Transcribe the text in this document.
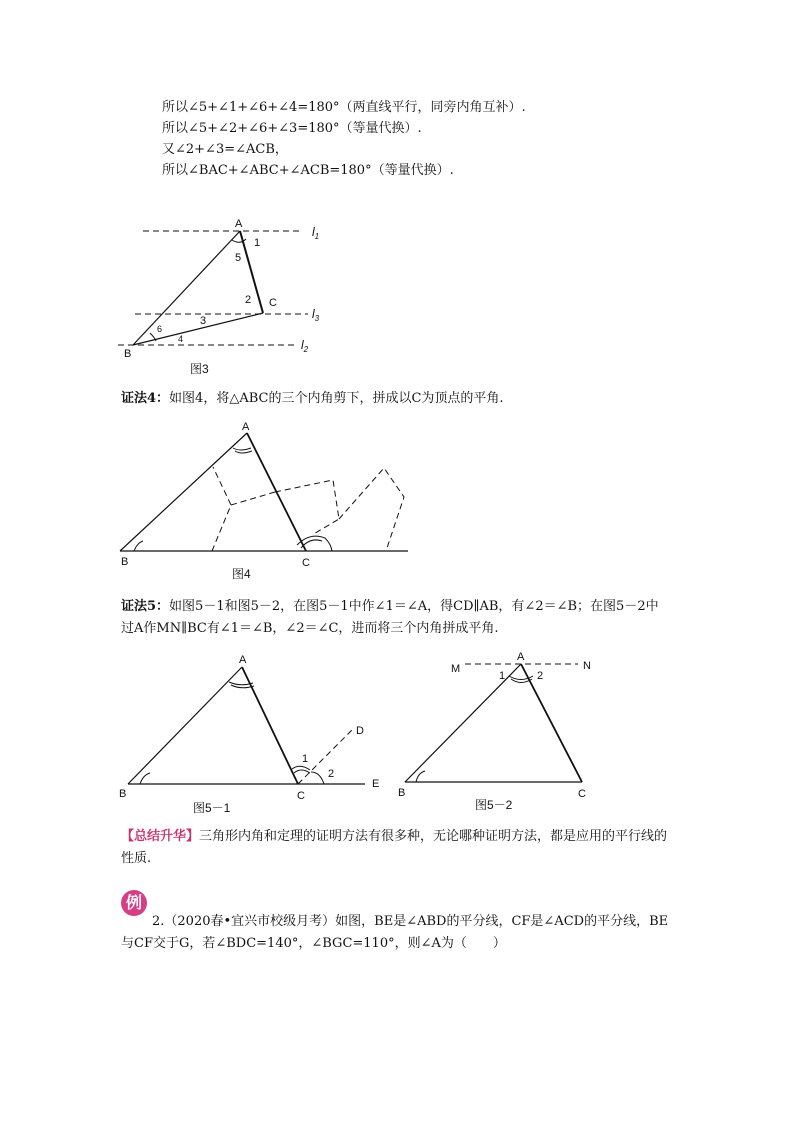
所以∠5+∠1+∠6+∠4=180°（两直线平行，同旁内角互补）.
所以∠5+∠2+∠6+∠3=180°（等量代换）.
又∠2+∠3=∠ACB，
所以∠BAC+∠ABC+∠ACB=180°（等量代换）.
A
B
C
1
5
2
3
6
4
$l_1$
$l_3$
$l_2$
图3
A
B	C
图4
A
B	C
D
E
1
2
图5－1
M	N
A
B	C
1	2
图5－2
证法4：如图4，将△ABC的三个内角剪下，拼成以C为顶点的平角.
证法5：如图5－1和图5－2，在图5－1中作∠1＝∠A，得CD∥AB，有∠2＝∠B；在图5－2中过A作MN∥BC有∠1＝∠B，∠2＝∠C，进而将三个内角拼成平角.
【总结升华】三角形内角和定理的证明方法有很多种，无论哪种证明方法，都是应用的平行线的性质.
例
2.（2020春•宜兴市校级月考）如图，BE是∠ABD的平分线，CF是∠ACD的平分线，BE与CF交于G，若∠BDC=140°，∠BGC=110°，则∠A为（　　）
